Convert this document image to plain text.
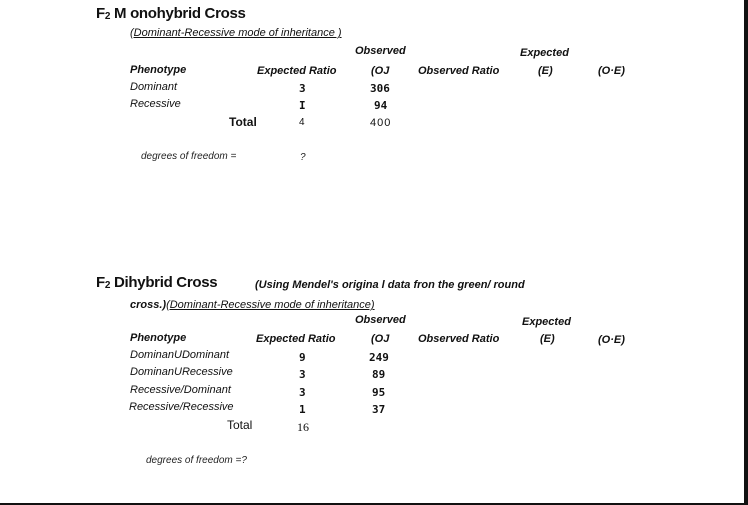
$F_2$ M onohybrid Cross
(Dominant-Recessive mode of inheritance )
Observed	Expected
Phenotype	Expected Ratio	(OJ	Observed Ratio	(E)	(O·E)
Dominant	3	306
Recessive	I	94
Total	4	400
degrees of freedom =	?
$F_2$ Dihybrid Cross	(Using Mendel's origina l data fron the green/ round
cross.)(Dominant-Recessive mode of inheritance)
Observed	Expected
Phenotype	Expected Ratio	(OJ	Observed Ratio	(E)	(O·E)
DominanUDominant	9	249
DominanURecessive	3	89
Recessive/Dominant	3	95
Recessive/Recessive	1	37
Total	16
degrees of freedom =?
